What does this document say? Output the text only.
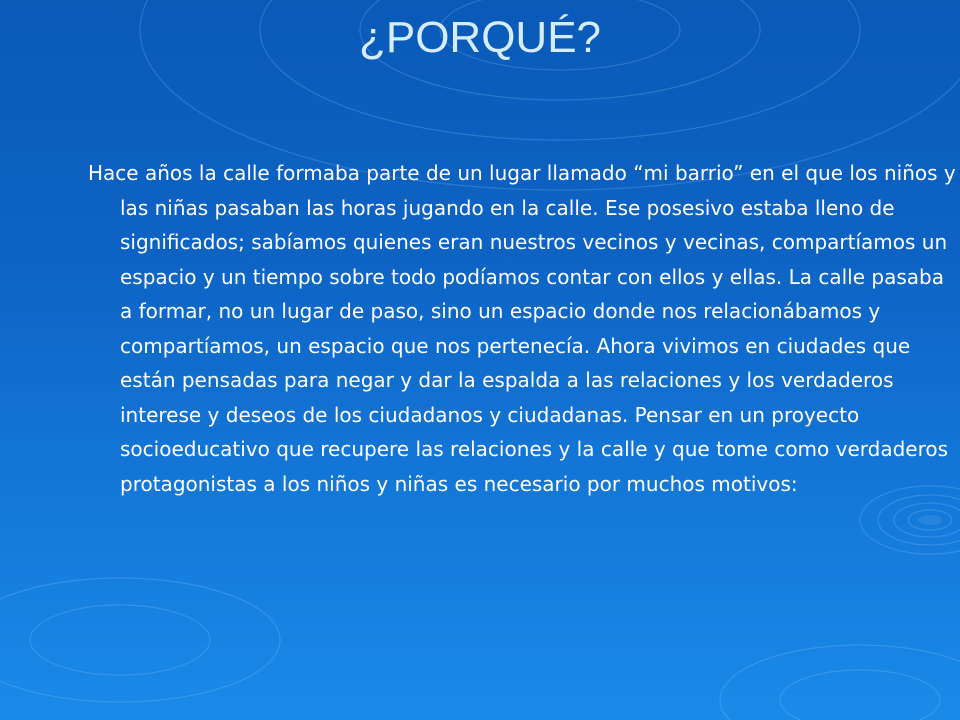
¿PORQUÉ?

Hace años la calle formaba parte de un lugar llamado “mi barrio” en el que los niños y las niñas pasaban las horas jugando en la calle. Ese posesivo estaba lleno de significados; sabíamos quienes eran nuestros vecinos y vecinas, compartíamos un espacio y un tiempo sobre todo podíamos contar con ellos y ellas. La calle pasaba a formar, no un lugar de paso, sino un espacio donde nos relacionábamos y compartíamos, un espacio que nos pertenecía. Ahora vivimos en ciudades que están pensadas para negar y dar la espalda a las relaciones y los verdaderos interese y deseos de los ciudadanos y ciudadanas. Pensar en un proyecto socioeducativo que recupere las relaciones y la calle y que tome como verdaderos protagonistas a los niños y niñas es necesario por muchos motivos:
